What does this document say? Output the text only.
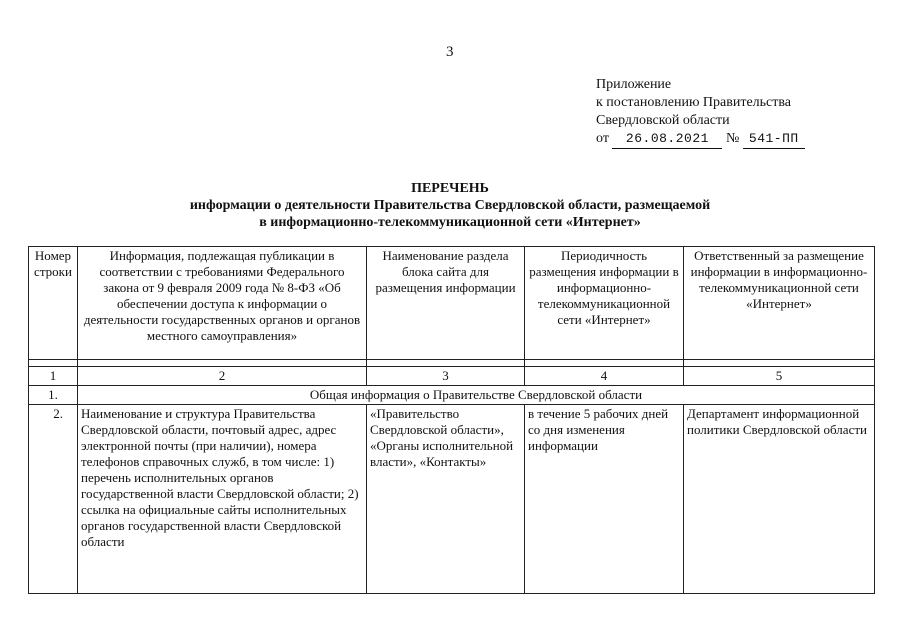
3
Приложение
к постановлению Правительства
Свердловской области
от 26.08.2021 № 541-ПП
ПЕРЕЧЕНЬ
информации о деятельности Правительства Свердловской области, размещаемой
в информационно-телекоммуникационной сети «Интернет»
Номер строки	Информация, подлежащая публикации в соответствии с требованиями Федерального закона от 9 февраля 2009 года № 8-ФЗ «Об обеспечении доступа к информации о деятельности государственных органов и органов местного самоуправления»	Наименование раздела блока сайта для размещения информации	Периодичность размещения информации в информационно-телекоммуникационной сети «Интернет»	Ответственный за размещение информации в информационно-телекоммуникационной сети «Интернет»

1	2	3	4	5
1.	Общая информация о Правительстве Свердловской области			
2.	Наименование и структура Правительства Свердловской области, почтовый адрес, адрес электронной почты (при наличии), номера телефонов справочных служб, в том числе: 1) перечень исполнительных органов государственной власти Свердловской области; 2) ссылка на официальные сайты исполнительных органов государственной власти Свердловской области	«Правительство Свердловской области», «Органы исполнительной власти», «Контакты»	в течение 5 рабочих дней со дня изменения информации	Департамент информационной политики Свердловской области
